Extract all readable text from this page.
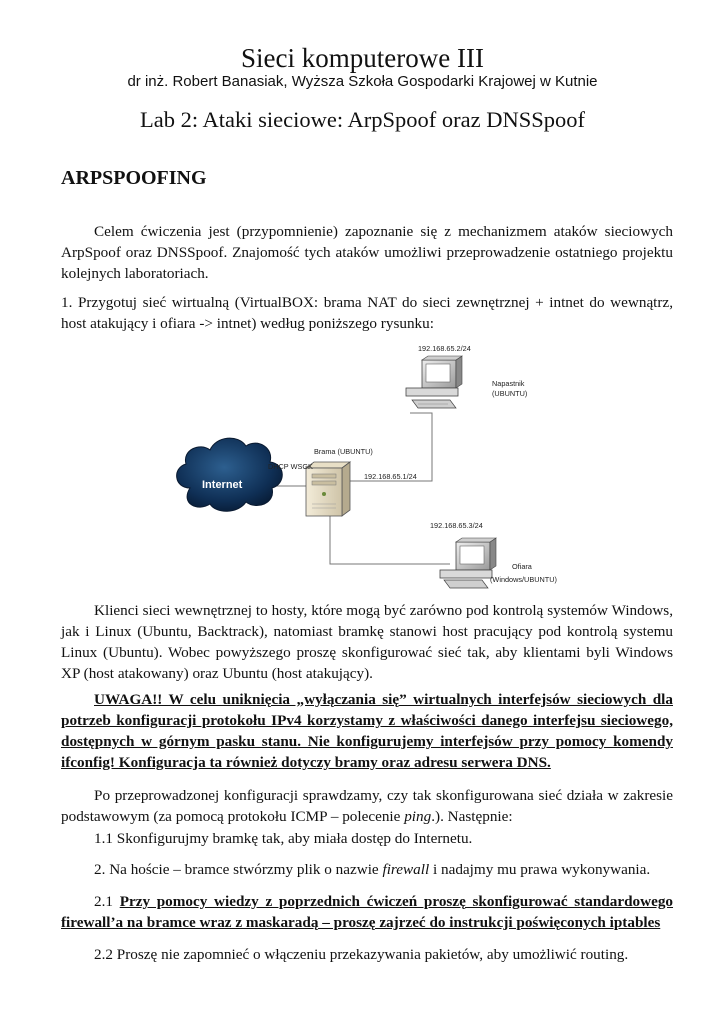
Sieci komputerowe III
dr inż. Robert Banasiak, Wyższa Szkoła Gospodarki Krajowej w Kutnie
Lab 2: Ataki sieciowe: ArpSpoof oraz DNSSpoof
ARPSPOOFING

Celem ćwiczenia jest (przypomnienie) zapoznanie się z mechanizmem ataków sieciowych ArpSpoof oraz DNSSpoof. Znajomość tych ataków umożliwi przeprowadzenie ostatniego projektu kolejnych laboratoriach.

1. Przygotuj sieć wirtualną (VirtualBOX: brama NAT do sieci zewnętrznej + intnet do wewnątrz, host atakujący i ofiara -> intnet) według poniższego rysunku:

Internet
192.168.65.2/24
Napastnik
(UBUNTU)
Brama (UBUNTU)
DHCP WSGK
192.168.65.1/24
192.168.65.3/24
Ofiara
(Windows/UBUNTU)

Klienci sieci wewnętrznej to hosty, które mogą być zarówno pod kontrolą systemów Windows, jak i Linux (Ubuntu, Backtrack), natomiast bramkę stanowi host pracujący pod kontrolą systemu Linux (Ubuntu). Wobec powyższego proszę skonfigurować sieć tak, aby klientami byli Windows XP (host atakowany) oraz Ubuntu (host atakujący).

UWAGA!! W celu uniknięcia „wyłączania się” wirtualnych interfejsów sieciowych dla potrzeb konfiguracji protokołu IPv4 korzystamy z właściwości danego interfejsu sieciowego, dostępnych w górnym pasku stanu. Nie konfigurujemy interfejsów przy pomocy komendy ifconfig! Konfiguracja ta również dotyczy bramy oraz adresu serwera DNS.

Po przeprowadzonej konfiguracji sprawdzamy, czy tak skonfigurowana sieć działa w zakresie podstawowym (za pomocą protokołu ICMP – polecenie ping.). Następnie:

1.1 Skonfigurujmy bramkę tak, aby miała dostęp do Internetu.

2. Na hoście – bramce stwórzmy plik o nazwie firewall i nadajmy mu prawa wykonywania.

2.1 Przy pomocy wiedzy z poprzednich ćwiczeń proszę skonfigurować standardowego firewall’a na bramce wraz z maskaradą – proszę zajrzeć do instrukcji poświęconych iptables

2.2 Proszę nie zapomnieć o włączeniu przekazywania pakietów, aby umożliwić routing.
